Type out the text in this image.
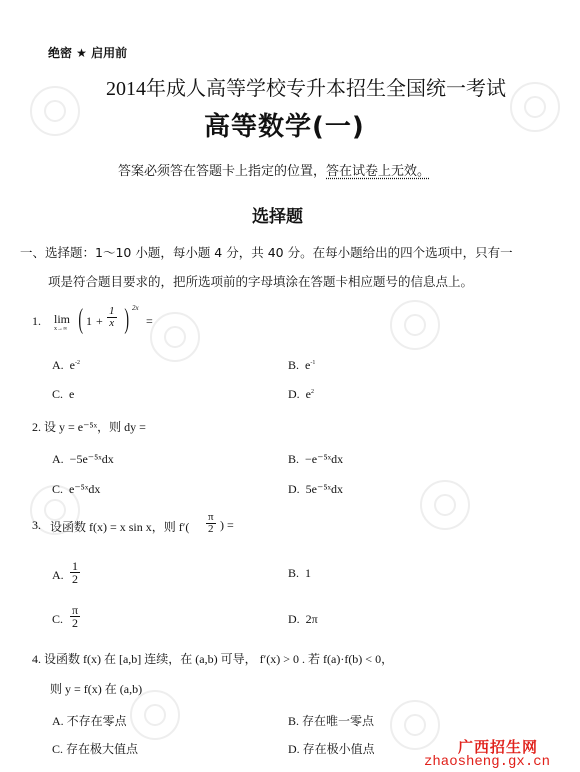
绝密 ★ 启用前
2014年成人高等学校专升本招生全国统一考试
高等数学(一)
答案必须答在答题卡上指定的位置，答在试卷上无效。
选择题
一、选择题：1～10 小题，每小题 4 分，共 40 分。在每小题给出的四个选项中，只有一
项是符合题目要求的，把所选项前的字母填涂在答题卡相应题号的信息点上。
1. lim
x→∞ ( $1 + \frac{1}{x}$ ) 2x
=
A. $e^{-2}$	B. $e^{-1}$
C. e	D. $e^2$
2. 设 y = e⁻⁵ˣ，则 dy =
A. −5e⁻⁵ˣdx	B. −e⁻⁵ˣdx
C. e⁻⁵ˣdx	D. 5e⁻⁵ˣdx
3. 设函数 f(x) = x sin x，则 $f'( \frac{\pi}{2}$ ) =
A. $\frac{1}{2}$	B. 1
C. $\frac{\pi}{2}$	D. 2π
4. 设函数 f(x) 在 [a,b] 连续，在 (a,b) 可导， f′(x) > 0 . 若 f(a)·f(b) < 0，
则 y = f(x) 在 (a,b)
A. 不存在零点	B. 存在唯一零点
C. 存在极大值点	D. 存在极小值点	广西招生网
zhaosheng.gx.cn
